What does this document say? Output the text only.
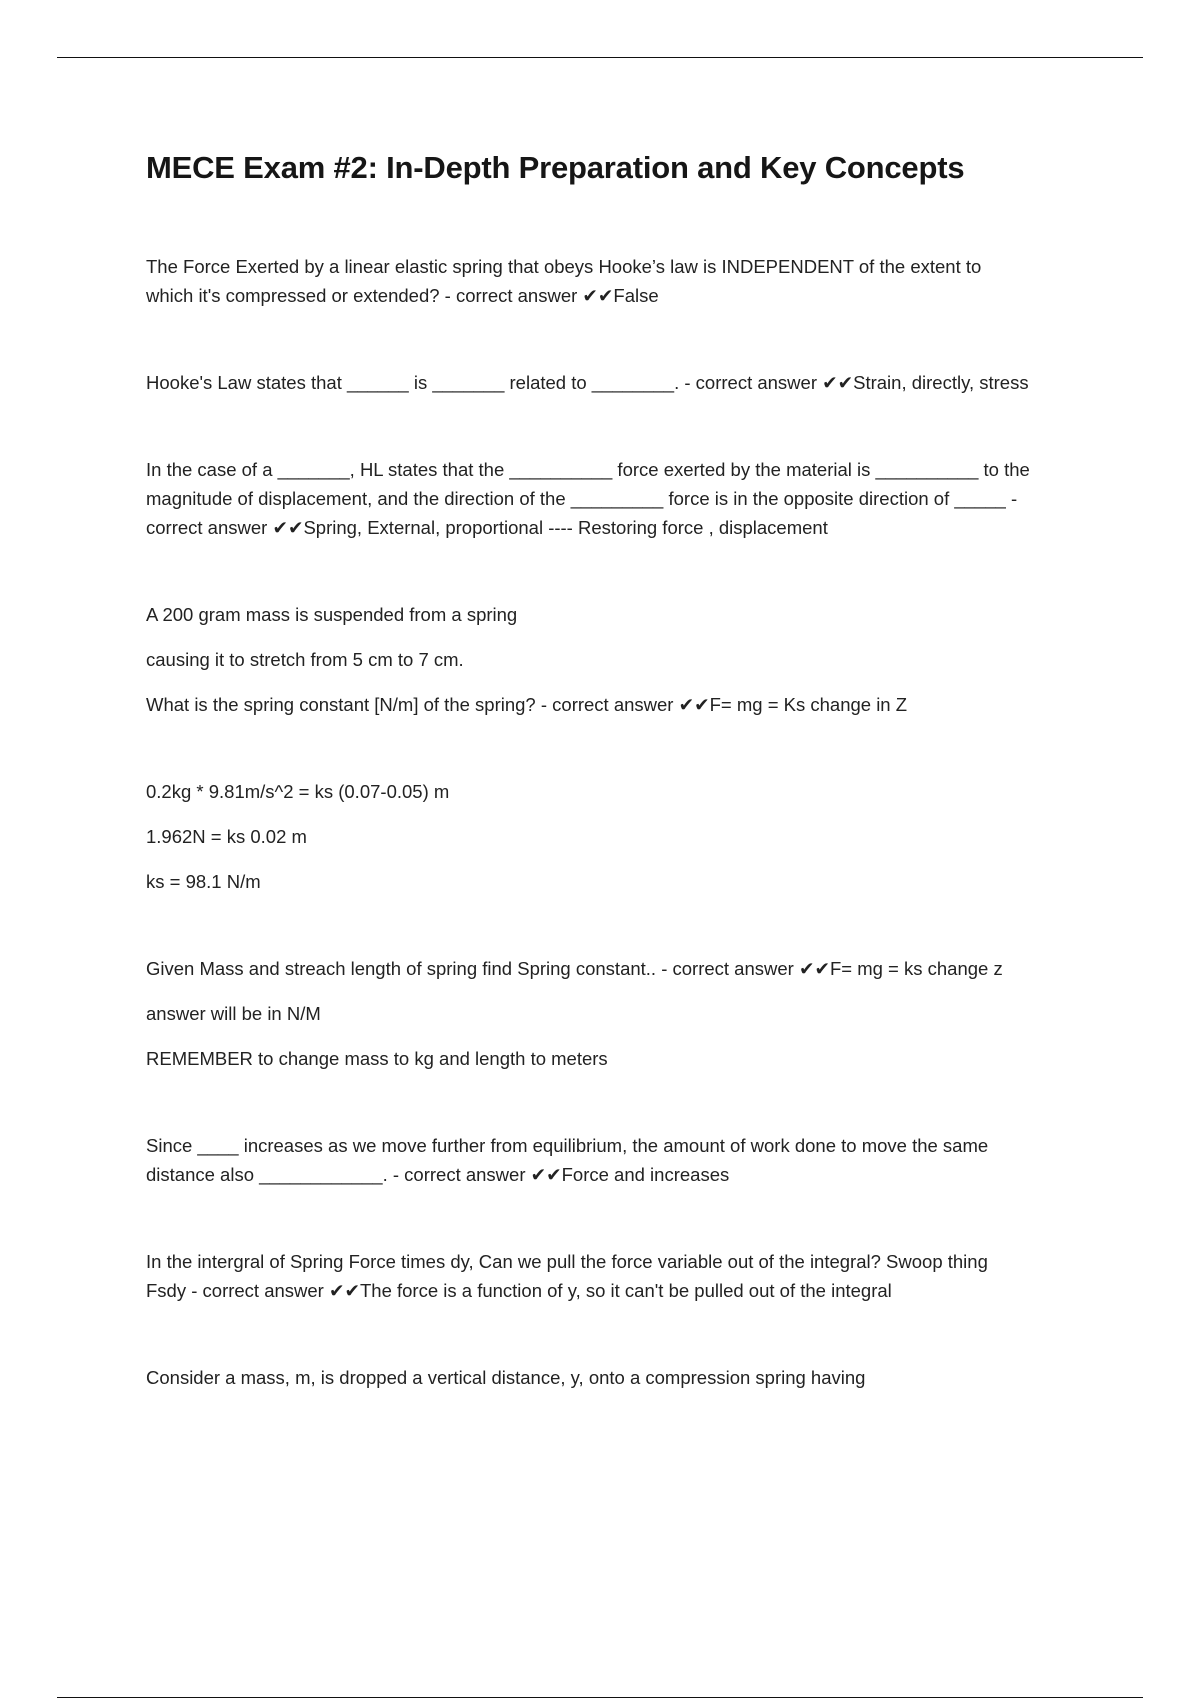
MECE Exam #2: In-Depth Preparation and Key Concepts

The Force Exerted by a linear elastic spring that obeys Hooke’s law is INDEPENDENT of the extent to

which it's compressed or extended? - correct answer ✔✔False

Hooke's Law states that ______ is _______ related to ________. - correct answer ✔✔Strain, directly, stress

In the case of a _______, HL states that the __________ force exerted by the material is __________ to the

magnitude of displacement, and the direction of the _________ force is in the opposite direction of _____ -

correct answer ✔✔Spring, External, proportional ---- Restoring force , displacement

A 200 gram mass is suspended from a spring

causing it to stretch from 5 cm to 7 cm.

What is the spring constant [N/m] of the spring? - correct answer ✔✔F= mg = Ks change in Z

0.2kg * 9.81m/s^2 = ks (0.07-0.05) m

1.962N = ks 0.02 m

ks = 98.1 N/m

Given Mass and streach length of spring find Spring constant.. - correct answer ✔✔F= mg = ks change z

answer will be in N/M

REMEMBER to change mass to kg and length to meters

Since ____ increases as we move further from equilibrium, the amount of work done to move the same

distance also ____________. - correct answer ✔✔Force and increases

In the intergral of Spring Force times dy, Can we pull the force variable out of the integral? Swoop thing

Fsdy - correct answer ✔✔The force is a function of y, so it can't be pulled out of the integral

Consider a mass, m, is dropped a vertical distance, y, onto a compression spring having
